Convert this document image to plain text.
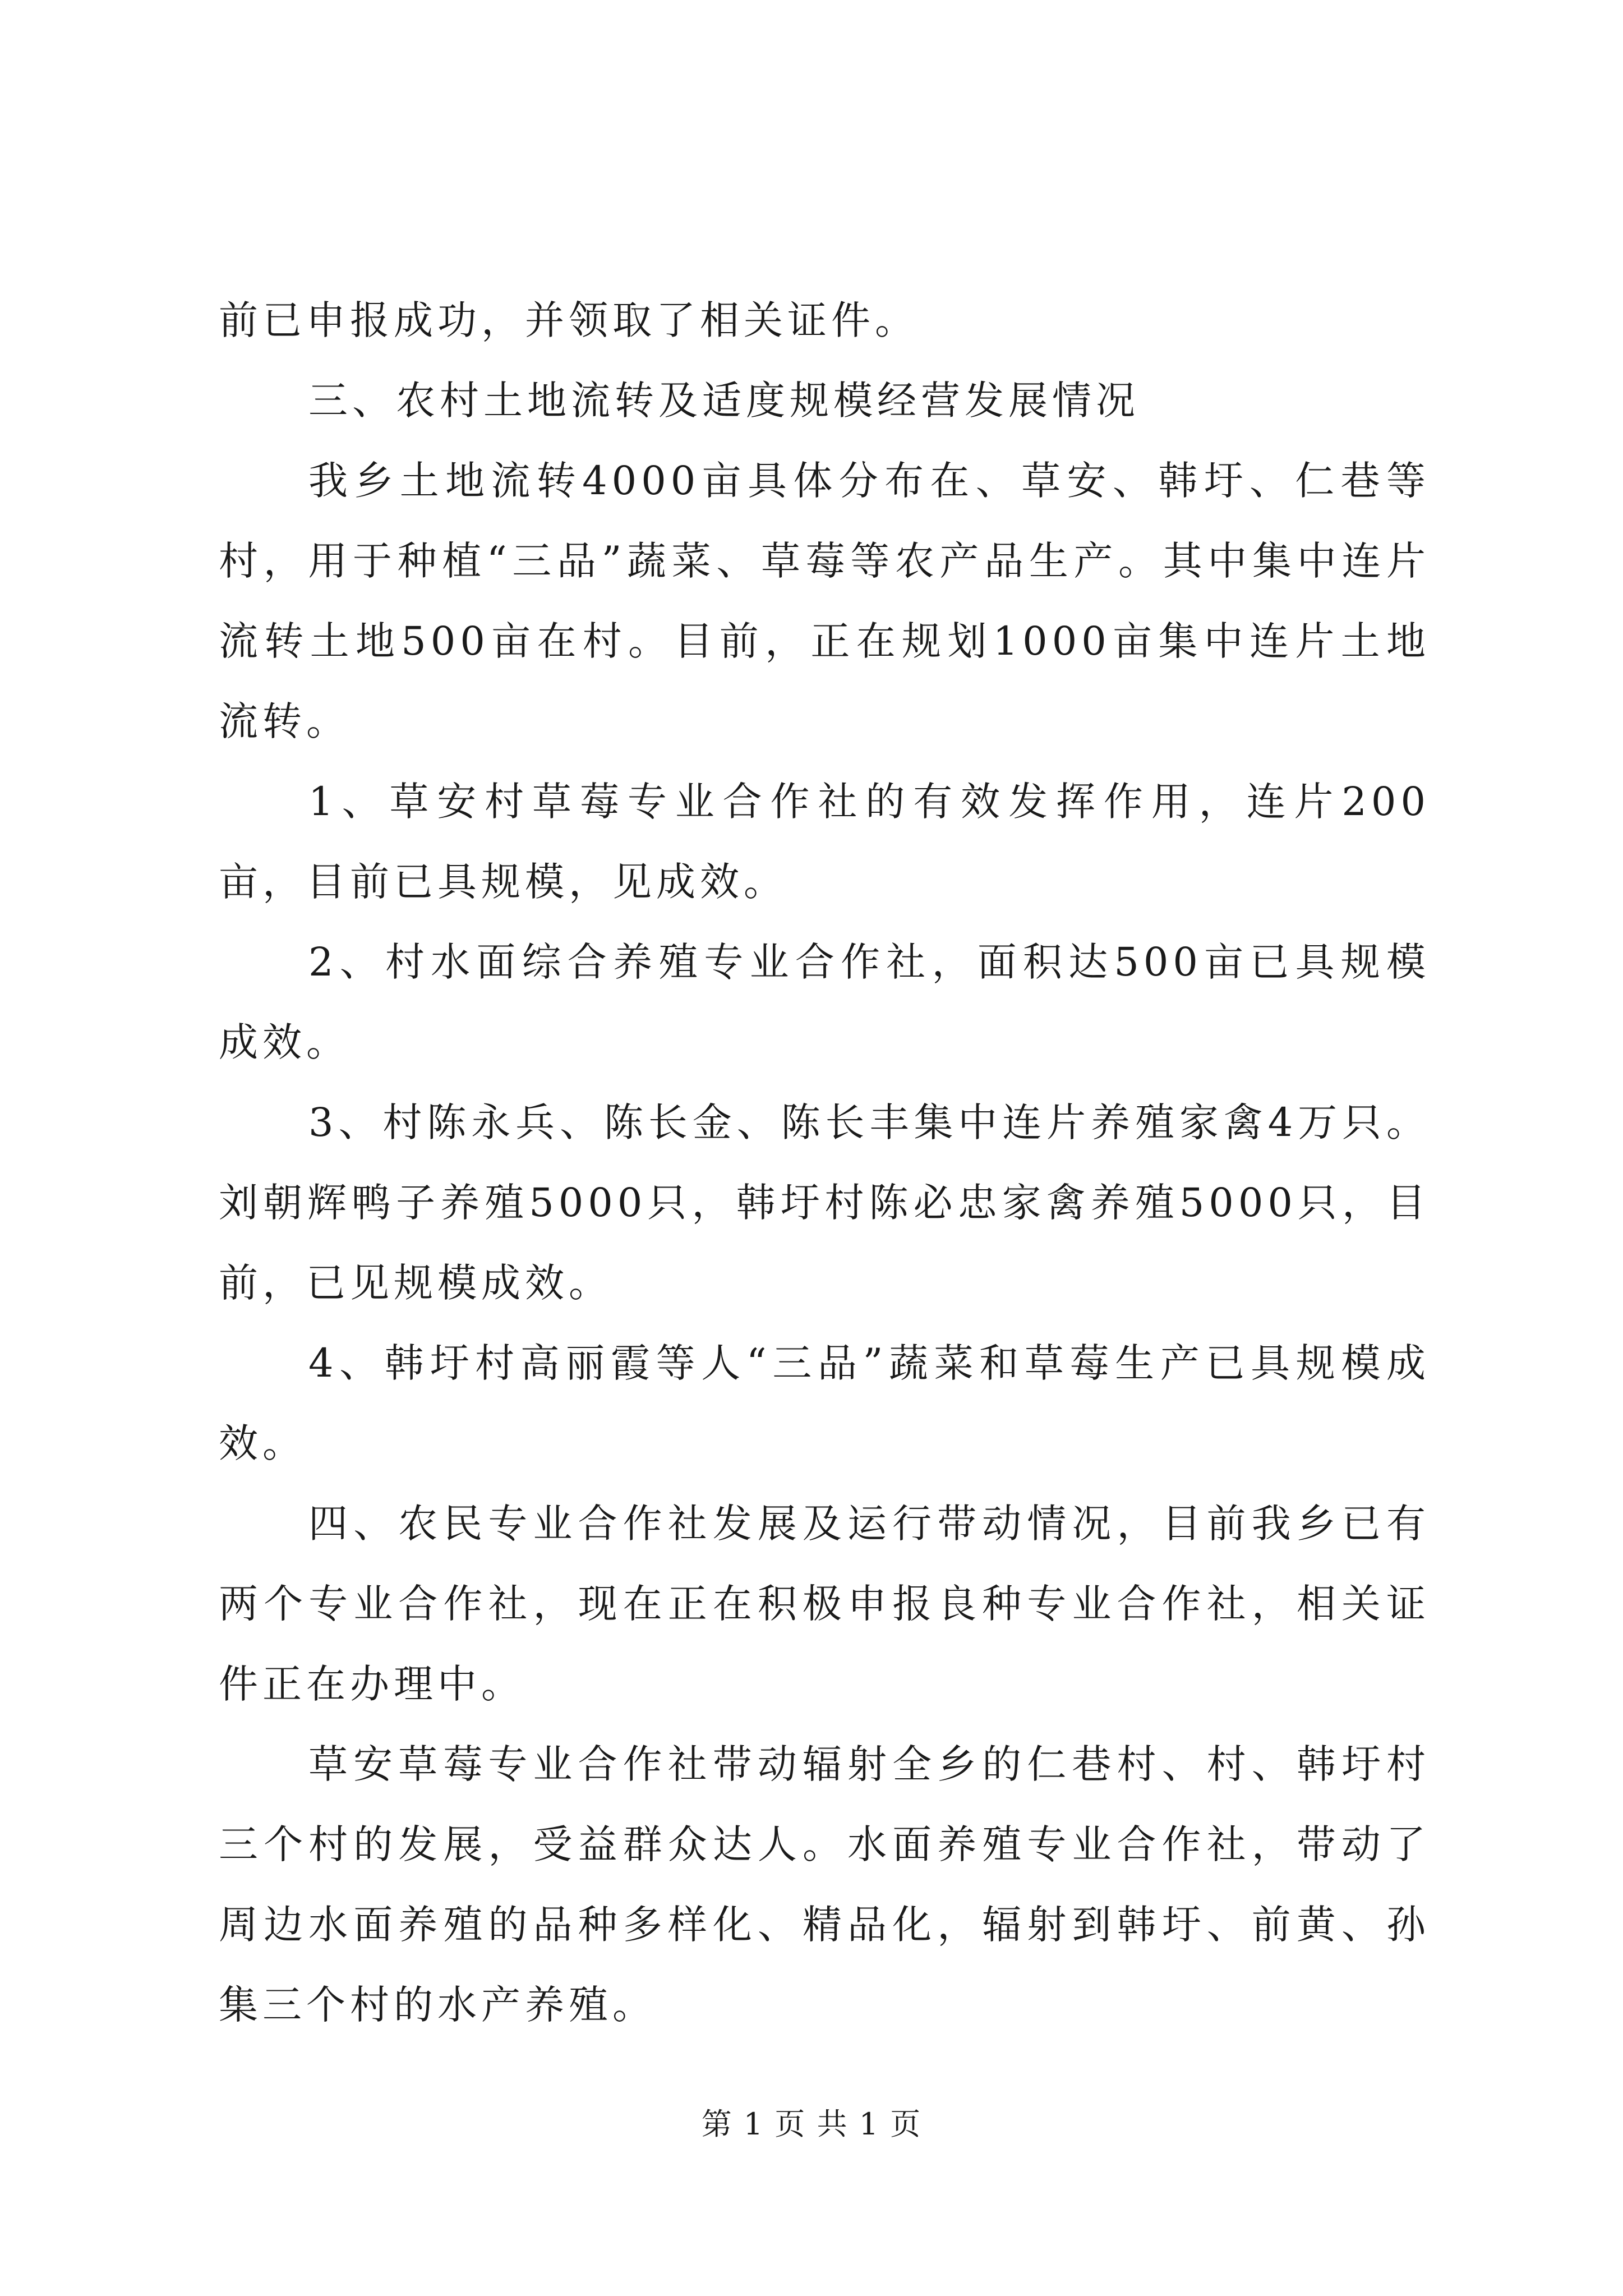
前已申报成功，并领取了相关证件。

三、农村土地流转及适度规模经营发展情况

我乡土地流转4000亩具体分布在、草安、韩圩、仁巷等村，用于种植“三品”蔬菜、草莓等农产品生产。其中集中连片流转土地500亩在村。目前，正在规划1000亩集中连片土地流转。

1、草安村草莓专业合作社的有效发挥作用，连片200亩，目前已具规模，见成效。

2、村水面综合养殖专业合作社，面积达500亩已具规模成效。

3、村陈永兵、陈长金、陈长丰集中连片养殖家禽4万只。刘朝辉鸭子养殖5000只，韩圩村陈必忠家禽养殖5000只，目前，已见规模成效。

4、韩圩村高丽霞等人“三品”蔬菜和草莓生产已具规模成效。

四、农民专业合作社发展及运行带动情况，目前我乡已有两个专业合作社，现在正在积极申报良种专业合作社，相关证件正在办理中。

草安草莓专业合作社带动辐射全乡的仁巷村、村、韩圩村三个村的发展，受益群众达人。水面养殖专业合作社，带动了周边水面养殖的品种多样化、精品化，辐射到韩圩、前黄、孙集三个村的水产养殖。

第 1 页 共 1 页
